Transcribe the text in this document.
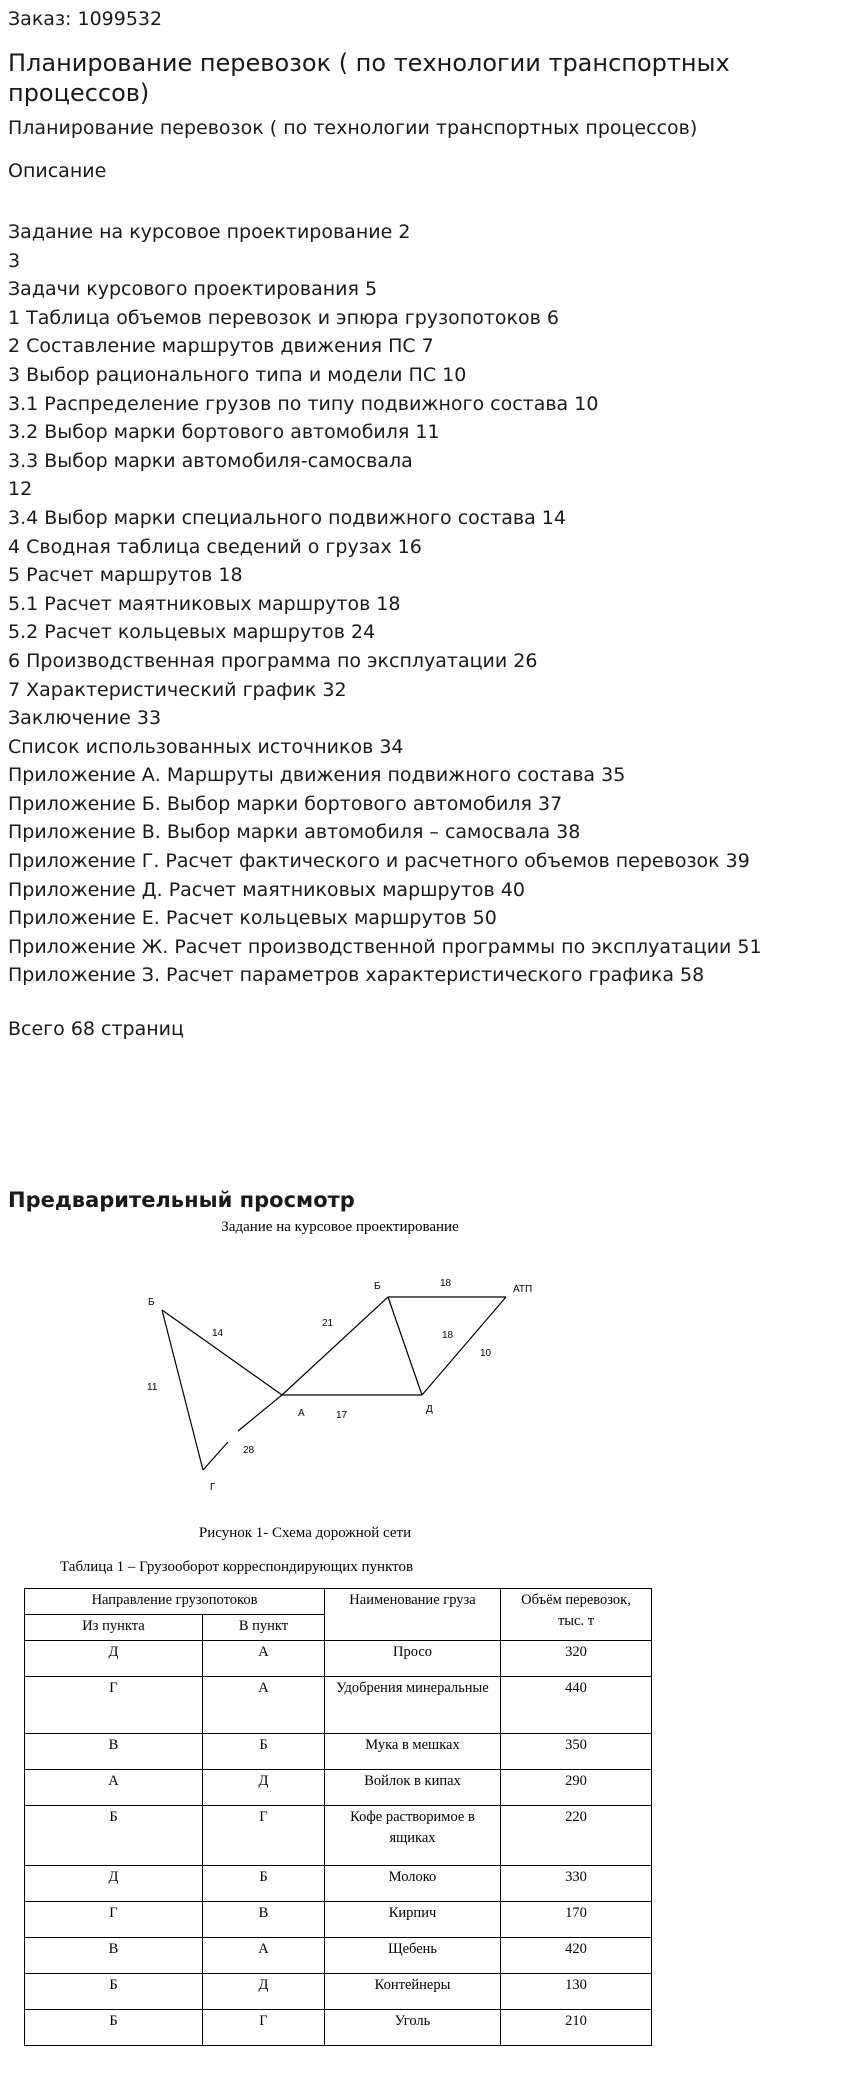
Заказ: 1099532
Планирование перевозок ( по технологии транспортных процессов)
Планирование перевозок ( по технологии транспортных процессов)
Описание
Задание на курсовое проектирование 2
3
Задачи курсового проектирования 5
1 Таблица объемов перевозок и эпюра грузопотоков 6
2 Составление маршрутов движения ПС 7
3 Выбор рационального типа и модели ПС 10
3.1 Распределение грузов по типу подвижного состава 10
3.2 Выбор марки бортового автомобиля 11
3.3 Выбор марки автомобиля-самосвала
12
3.4 Выбор марки специального подвижного состава 14
4 Сводная таблица сведений о грузах 16
5 Расчет маршрутов 18
5.1 Расчет маятниковых маршрутов 18
5.2 Расчет кольцевых маршрутов 24
6 Производственная программа по эксплуатации 26
7 Характеристический график 32
Заключение 33
Список использованных источников 34
Приложение А. Маршруты движения подвижного состава 35
Приложение Б. Выбор марки бортового автомобиля 37
Приложение В. Выбор марки автомобиля – самосвала 38
Приложение Г. Расчет фактического и расчетного объемов перевозок 39
Приложение Д. Расчет маятниковых маршрутов 40
Приложение Е. Расчет кольцевых маршрутов 50
Приложение Ж. Расчет производственной программы по эксплуатации 51
Приложение З. Расчет параметров характеристического графика 58
Всего 68 страниц
Предварительный просмотр
Задание на курсовое проектирование
Б
Б	АТП
А	Д
Г
14
11
28
21
17
18
18
10
Рисунок 1- Схема дорожной сети
Таблица 1 – Грузооборот корреспондирующих пунктов
Направление грузопотоков		Наименование груза	Объём перевозок,
тыс. т

Из пункта	В пункт		
Д	А	Просо	320
Г	А	Удобрения минеральные	440
В	Б	Мука в мешках	350
А	Д	Войлок в кипах	290
Б	Г	Кофе растворимое в ящиках	220
Д	Б	Молоко	330
Г	В	Кирпич	170
В	А	Щебень	420
Б	Д	Контейнеры	130
Б	Г	Уголь	210
